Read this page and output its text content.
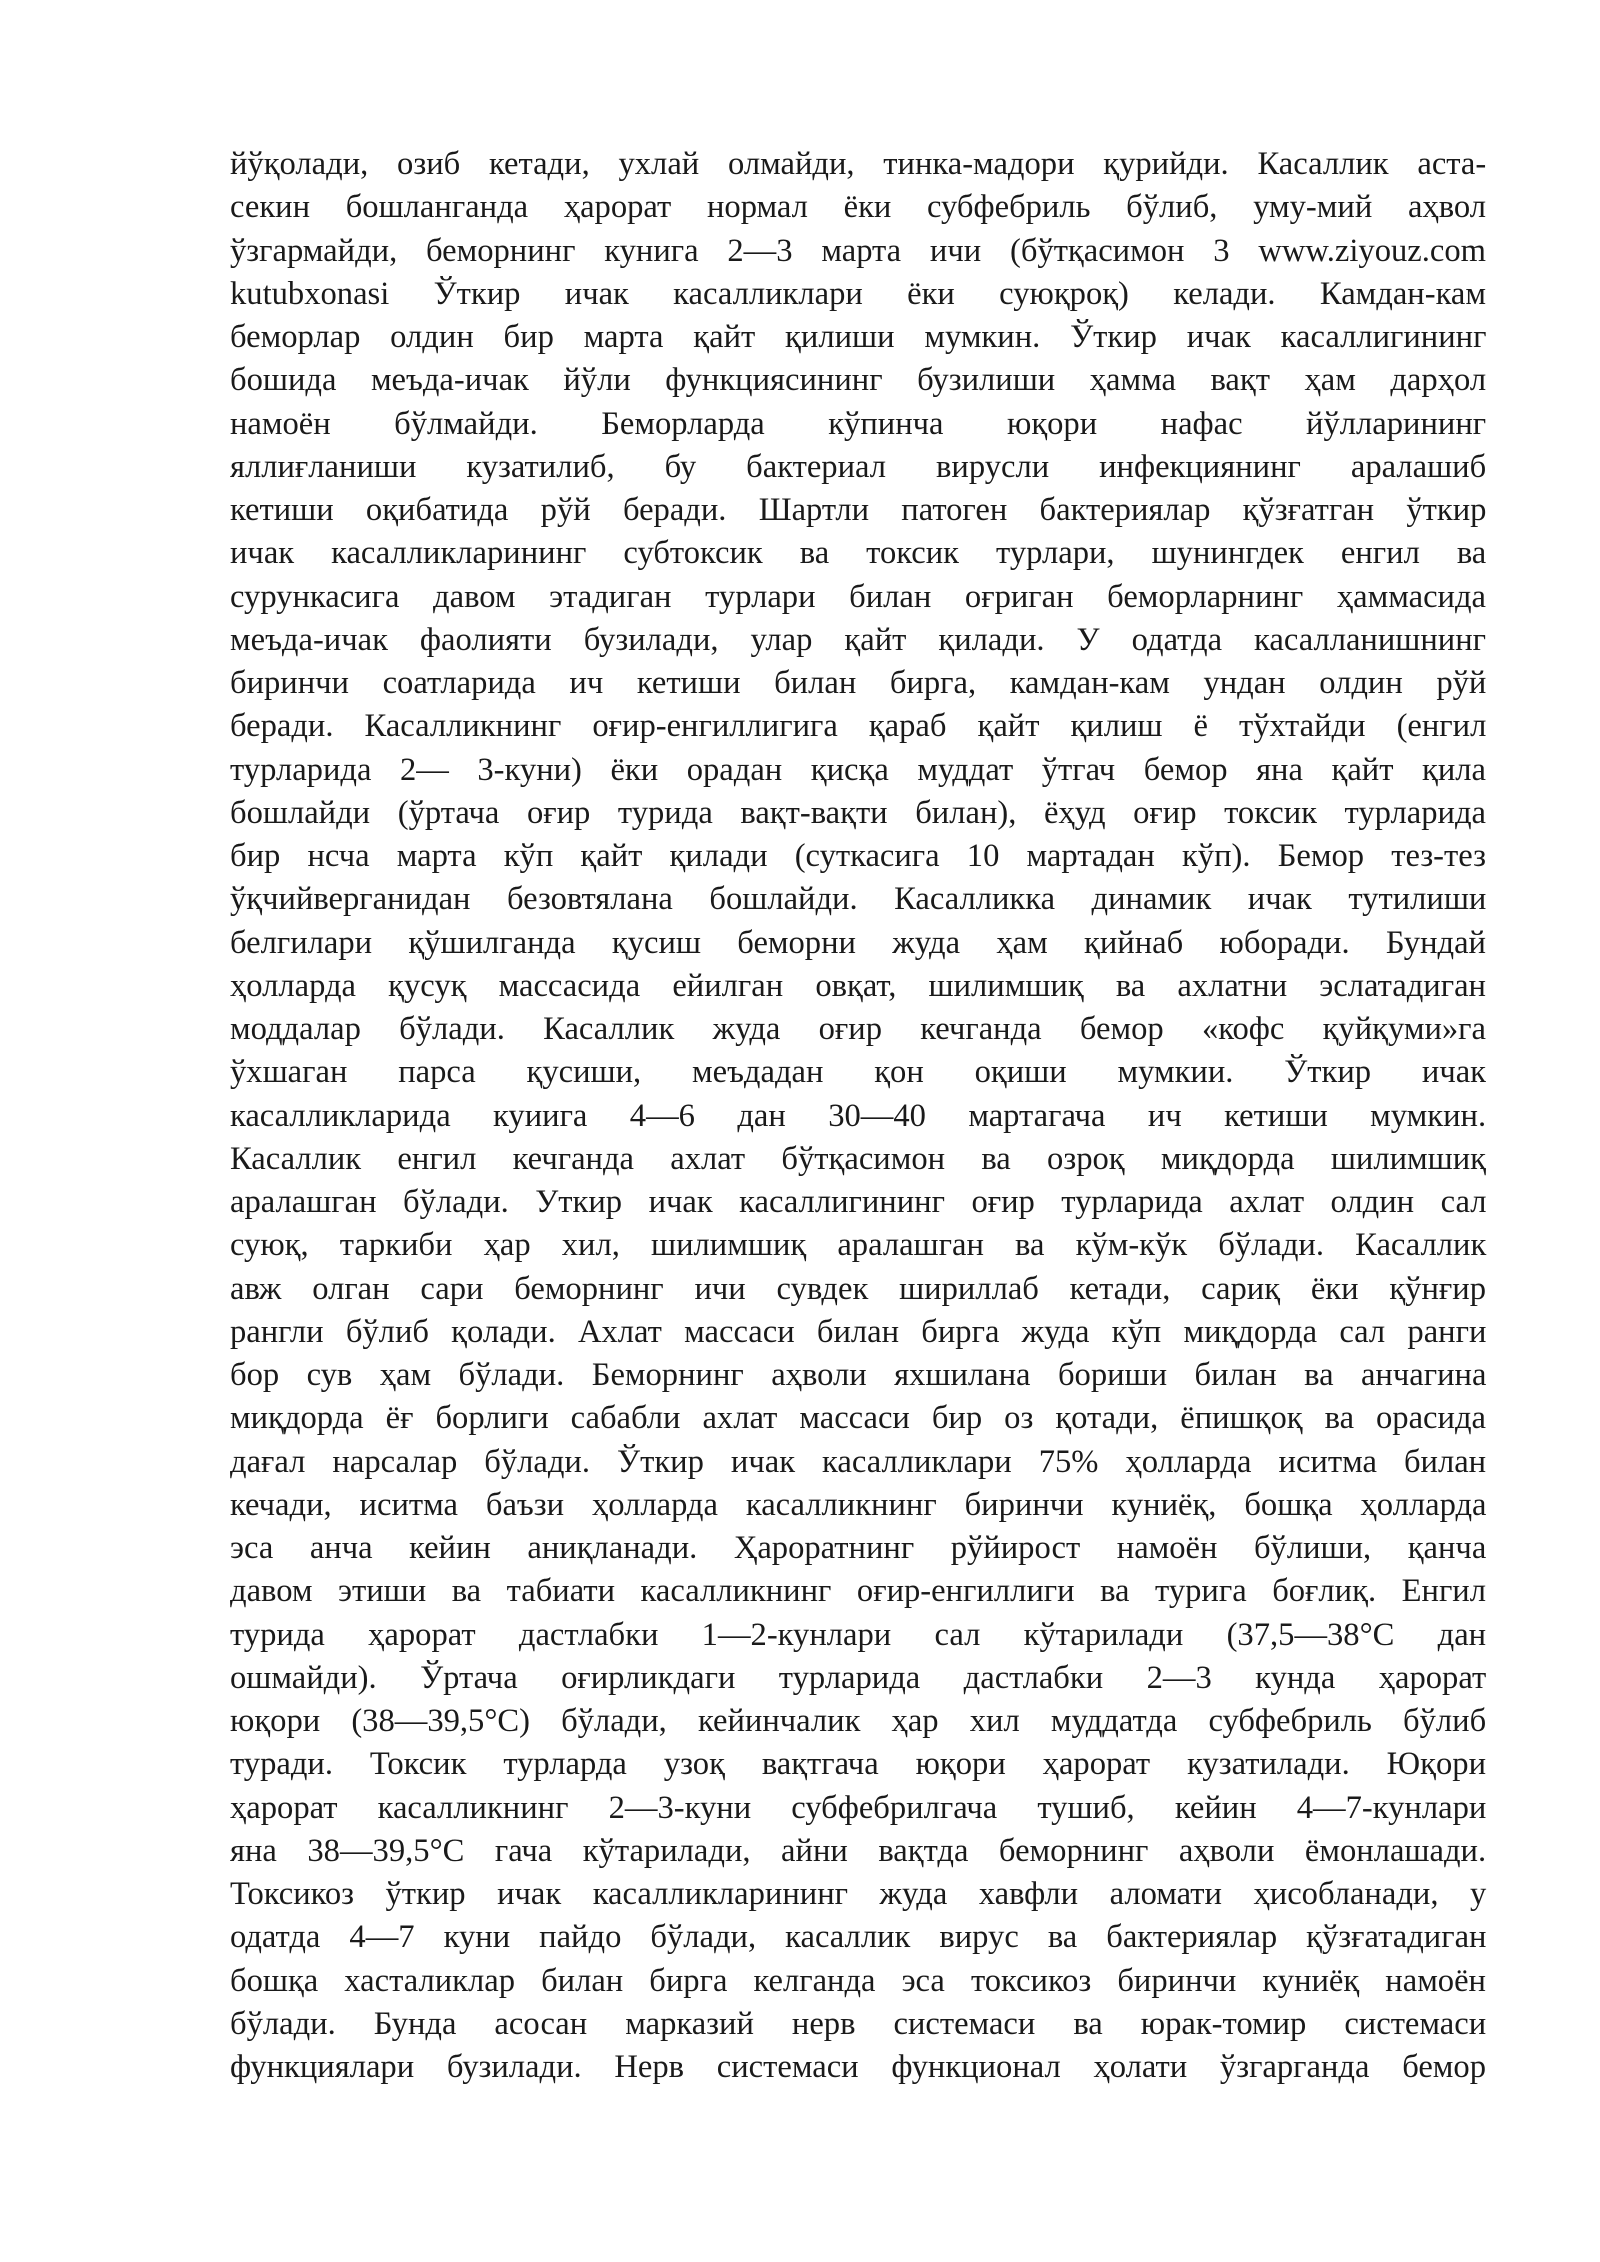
йўқолади, озиб кетади, ухлай олмайди, тинка-мадори қурийди. Касаллик аста-
секин бошланганда ҳарорат нормал ёки субфебриль бўлиб, уму-мий аҳвол
ўзгармайди, беморнинг кунига 2—3 марта ичи (бўтқасимон 3 www.ziyouz.com
kutubxonasi Ўткир ичак касалликлари ёки суюқроқ) келади. Камдан-кам
беморлар олдин бир марта қайт қилиши мумкин. Ўткир ичак касаллигининг
бошида меъда-ичак йўли функциясининг бузилиши ҳамма вақт ҳам дарҳол
намоён бўлмайди. Беморларда кўпинча юқори нафас йўлларининг
яллиғланиши кузатилиб, бу бактериал вирусли инфекциянинг аралашиб
кетиши оқибатида рўй беради. Шартли патоген бактериялар қўзғатган ўткир
ичак касалликларининг субтоксик ва токсик турлари, шунингдек енгил ва
сурункасига давом этадиган турлари билан оғриган беморларнинг ҳаммасида
меъда-ичак фаолияти бузилади, улар қайт қилади. У одатда касалланишнинг
биринчи соатларида ич кетиши билан бирга, камдан-кам ундан олдин рўй
беради. Касалликнинг оғир-енгиллигига қараб қайт қилиш ё тўхтайди (енгил
турларида 2— 3-куни) ёки орадан қисқа муддат ўтгач бемор яна қайт қила
бошлайди (ўртача оғир турида вақт-вақти билан), ёҳуд оғир токсик турларида
бир нсча марта кўп қайт қилади (суткасига 10 мартадан кўп). Бемор тез-тез
ўқчийверганидан безовтялана бошлайди. Касалликка динамик ичак тутилиши
белгилари қўшилганда қусиш беморни жуда ҳам қийнаб юборади. Бундай
ҳолларда қусуқ массасида ейилган овқат, шилимшиқ ва ахлатни эслатадиган
моддалар бўлади. Касаллик жуда оғир кечганда бемор «кофс қуйқуми»га
ўхшаган парса қусиши, меъдадан қон оқиши мумкии. Ўткир ичак
касалликларида куиига 4—6 дан 30—40 мартагача ич кетиши мумкин.
Касаллик енгил кечганда ахлат бўтқасимон ва озроқ миқдорда шилимшиқ
аралашган бўлади. Уткир ичак касаллигининг оғир турларида ахлат олдин сал
суюқ, таркиби ҳар хил, шилимшиқ аралашган ва кўм-кўк бўлади. Касаллик
авж олган сари беморнинг ичи сувдек шириллаб кетади, сариқ ёки қўнғир
рангли бўлиб қолади. Ахлат массаси билан бирга жуда кўп миқдорда сал ранги
бор сув ҳам бўлади. Беморнинг аҳволи яхшилана бориши билан ва анчагина
миқдорда ёғ борлиги сабабли ахлат массаси бир оз қотади, ёпишқоқ ва орасида
дағал нарсалар бўлади. Ўткир ичак касалликлари 75% ҳолларда иситма билан
кечади, иситма баъзи ҳолларда касалликнинг биринчи куниёқ, бошқа ҳолларда
эса анча кейин аниқланади. Ҳароратнинг рўйирост намоён бўлиши, қанча
давом этиши ва табиати касалликнинг оғир-енгиллиги ва турига боғлиқ. Енгил
турида ҳарорат дастлабки 1—2-кунлари сал кўтарилади (37,5—38°С дан
ошмайди). Ўртача оғирликдаги турларида дастлабки 2—3 кунда ҳарорат
юқори (38—39,5°С) бўлади, кейинчалик ҳар хил муддатда субфебриль бўлиб
туради. Токсик турларда узоқ вақтгача юқори ҳарорат кузатилади. Юқори
ҳарорат касалликнинг 2—3-куни субфебрилгача тушиб, кейин 4—7-кунлари
яна 38—39,5°С гача кўтарилади, айни вақтда беморнинг аҳволи ёмонлашади.
Токсикоз ўткир ичак касалликларининг жуда хавфли аломати ҳисобланади, у
одатда 4—7 куни пайдо бўлади, касаллик вирус ва бактериялар қўзғатадиган
бошқа хасталиклар билан бирга келганда эса токсикоз биринчи куниёқ намоён
бўлади. Бунда асосан марказий нерв системаси ва юрак-томир системаси
функциялари бузилади. Нерв системаси функционал ҳолати ўзгарганда бемор
